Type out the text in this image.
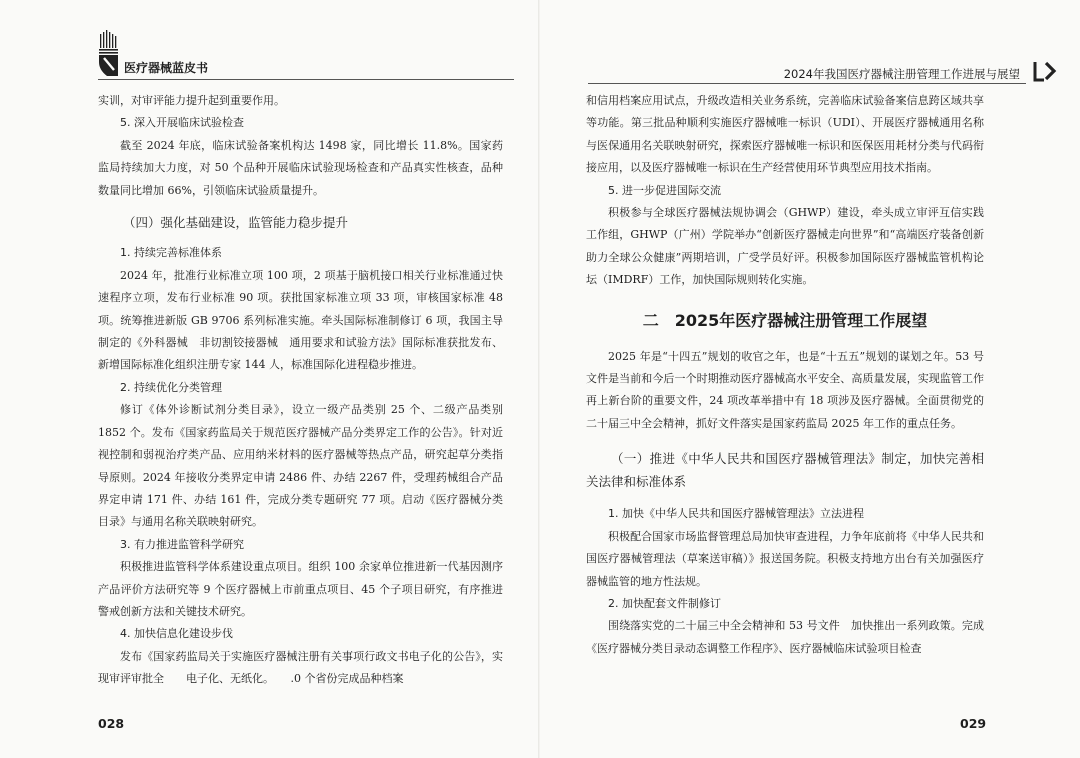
医疗器械蓝皮书

实训，对审评能力提升起到重要作用。

5. 深入开展临床试验检查

截至 2024 年底，临床试验备案机构达 1498 家，同比增长 11.8%。国家药监局持续加大力度，对 50 个品种开展临床试验现场检查和产品真实性核查，品种数量同比增加 66%，引领临床试验质量提升。

（四）强化基础建设，监管能力稳步提升

1. 持续完善标准体系

2024 年，批准行业标准立项 100 项，2 项基于脑机接口相关行业标准通过快速程序立项，发布行业标准 90 项。获批国家标准立项 33 项，审核国家标准 48 项。统筹推进新版 GB 9706 系列标准实施。牵头国际标准制修订 6 项，我国主导制定的《外科器械　非切割铰接器械　通用要求和试验方法》国际标准获批发布、新增国际标准化组织注册专家 144 人，标准国际化进程稳步推进。

2. 持续优化分类管理

修订《体外诊断试剂分类目录》，设立一级产品类别 25 个、二级产品类别 1852 个。发布《国家药监局关于规范医疗器械产品分类界定工作的公告》。针对近视控制和弱视治疗类产品、应用纳米材料的医疗器械等热点产品，研究起草分类指导原则。2024 年接收分类界定申请 2486 件、办结 2267 件，受理药械组合产品界定申请 171 件、办结 161 件，完成分类专题研究 77 项。启动《医疗器械分类目录》与通用名称关联映射研究。

3. 有力推进监管科学研究

积极推进监管科学体系建设重点项目。组织 100 余家单位推进新一代基因测序产品评价方法研究等 9 个医疗器械上市前重点项目、45 个子项目研究，有序推进警戒创新方法和关键技术研究。

4. 加快信息化建设步伐

发布《国家药监局关于实施医疗器械注册有关事项行政文书电子化的公告》，实现审评审批全　　电子化、无纸化。　　.0 个省份完成品种档案

028
2024年我国医疗器械注册管理工作进展与展望

和信用档案应用试点，升级改造相关业务系统，完善临床试验备案信息跨区域共享等功能。第三批品种顺利实施医疗器械唯一标识（UDI）、开展医疗器械通用名称与医保通用名关联映射研究，探索医疗器械唯一标识和医保医用耗材分类与代码衔接应用，以及医疗器械唯一标识在生产经营使用环节典型应用技术指南。

5. 进一步促进国际交流

积极参与全球医疗器械法规协调会（GHWP）建设，牵头成立审评互信实践工作组，GHWP（广州）学院举办“创新医疗器械走向世界”和“高端医疗装备创新助力全球公众健康”两期培训，广受学员好评。积极参加国际医疗器械监管机构论坛（IMDRF）工作，加快国际规则转化实施。

二　2025年医疗器械注册管理工作展望

2025 年是“十四五”规划的收官之年，也是“十五五”规划的谋划之年。53 号文件是当前和今后一个时期推动医疗器械高水平安全、高质量发展，实现监管工作再上新台阶的重要文件，24 项改革举措中有 18 项涉及医疗器械。全面贯彻党的二十届三中全会精神，抓好文件落实是国家药监局 2025 年工作的重点任务。

（一）推进《中华人民共和国医疗器械管理法》制定，加快完善相关法律和标准体系

1. 加快《中华人民共和国医疗器械管理法》立法进程

积极配合国家市场监督管理总局加快审查进程，力争年底前将《中华人民共和国医疗器械管理法（草案送审稿）》报送国务院。积极支持地方出台有关加强医疗器械监管的地方性法规。

2. 加快配套文件制修订

围绕落实党的二十届三中全会精神和 53 号文件　加快推出一系列政策。完成《医疗器械分类目录动态调整工作程序》、医疗器械临床试验项目检查

029
